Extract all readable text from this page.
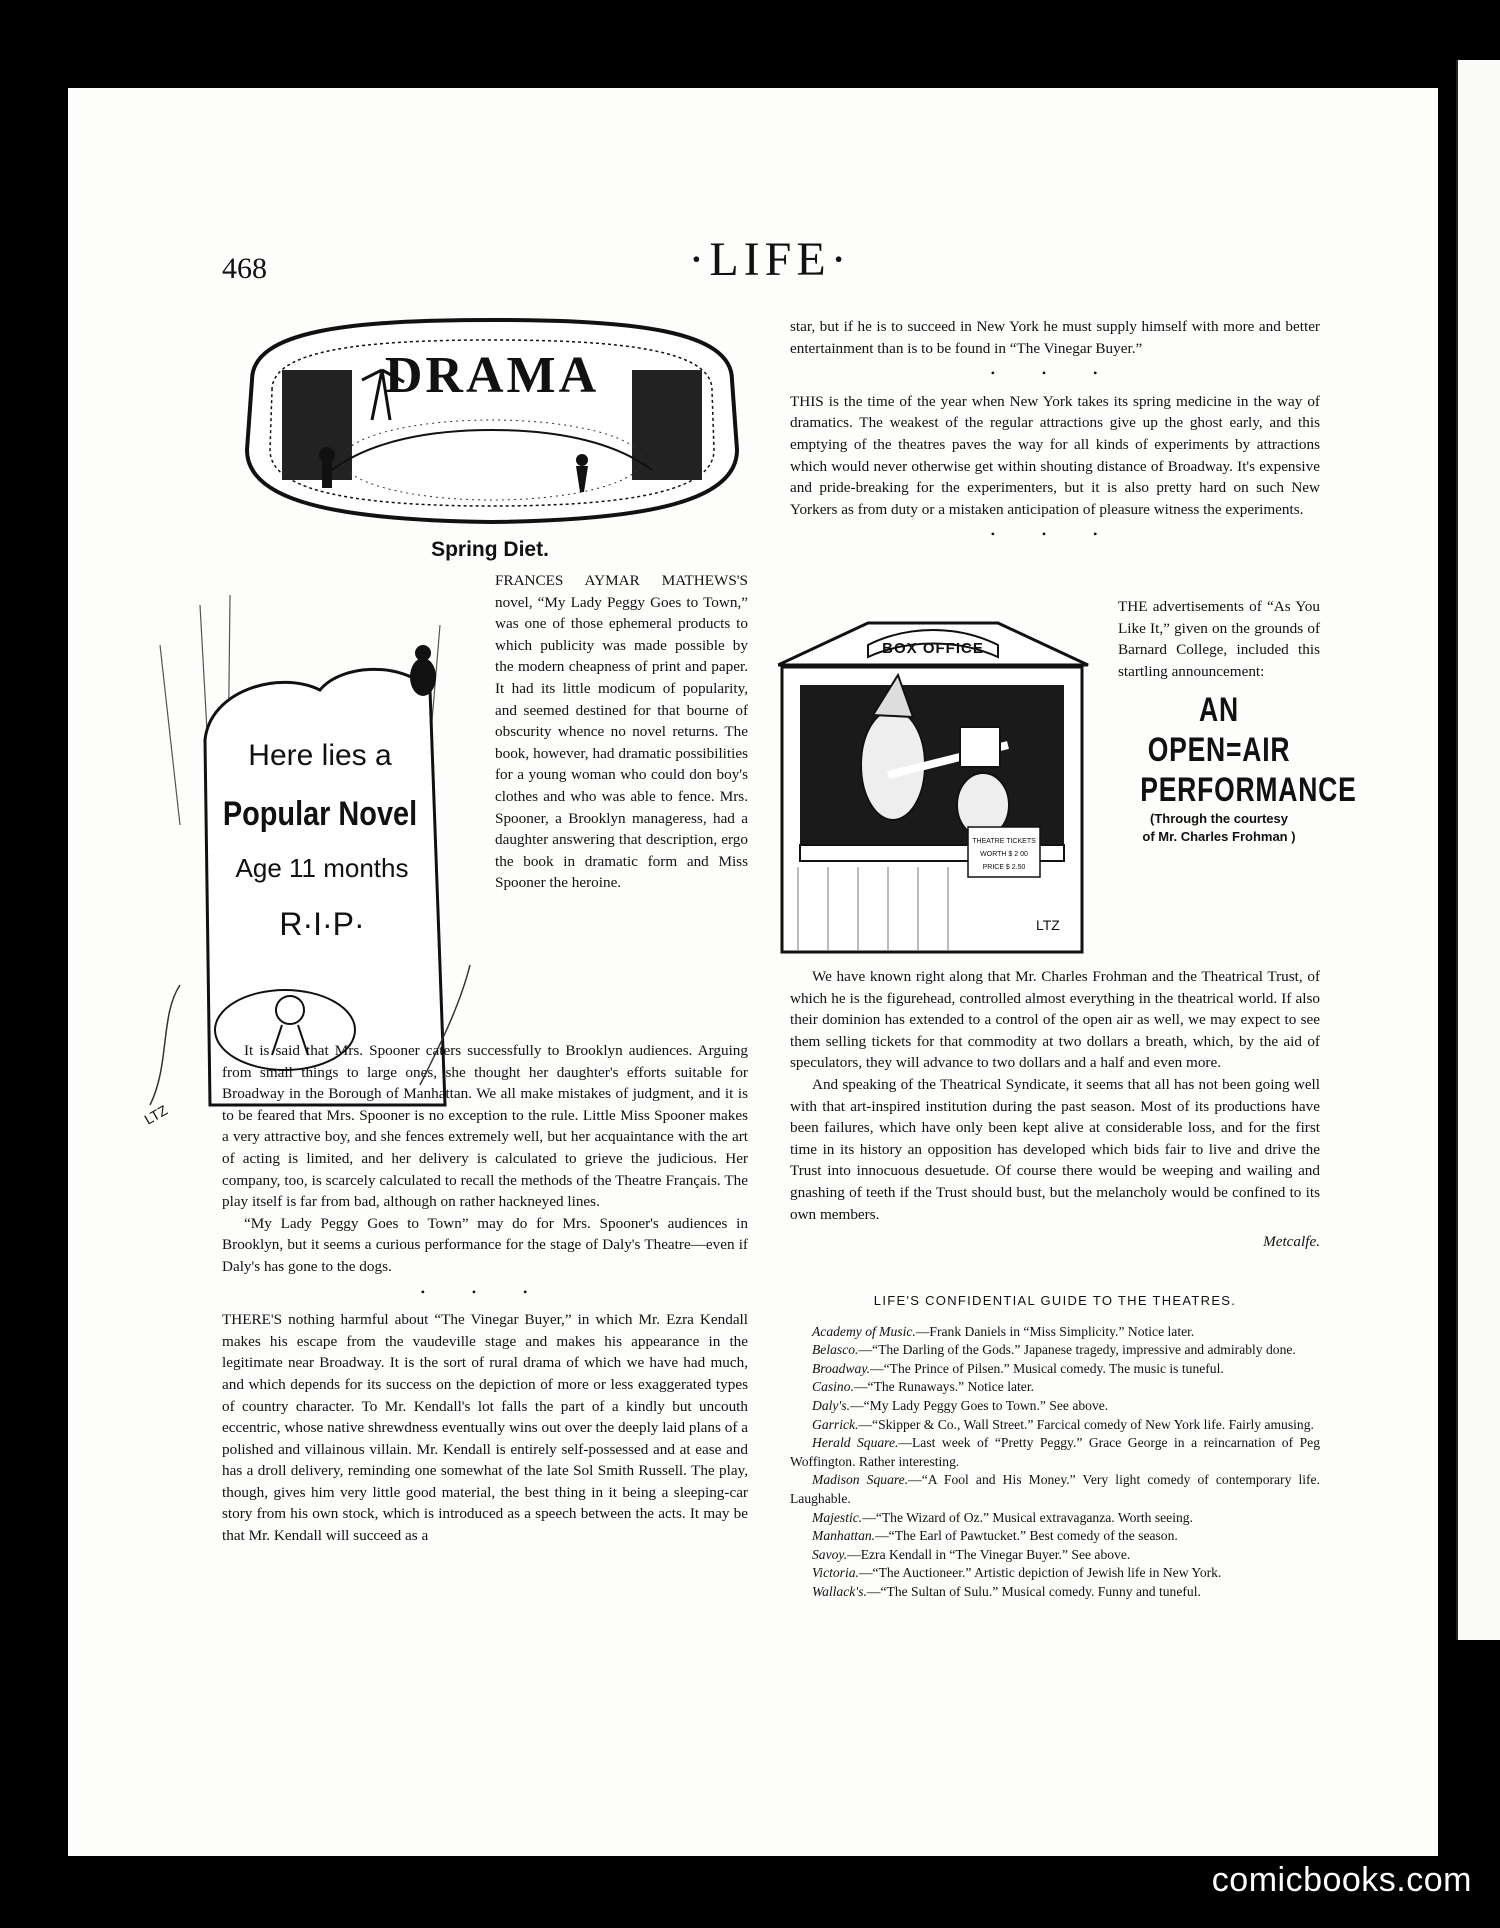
468	·LIFE·
DRAMA
Spring Diet.
Here lies a
Popular Novel
Age 11 months
R·I·P·
LTZ

FRANCES AYMAR MATHEWS'S novel, “My Lady Peggy Goes to Town,” was one of those ephemeral products to which publicity was made possible by the modern cheapness of print and paper. It had its little modicum of popularity, and seemed destined for that bourne of obscurity whence no novel returns. The book, however, had dramatic possibilities for a young woman who could don boy's clothes and who was able to fence. Mrs. Spooner, a Brooklyn manageress, had a daughter answering that description, ergo the book in dramatic form and Miss Spooner the heroine.

It is said that Mrs. Spooner caters successfully to Brooklyn audiences. Arguing from small things to large ones, she thought her daughter's efforts suitable for Broadway in the Borough of Manhattan. We all make mistakes of judgment, and it is to be feared that Mrs. Spooner is no exception to the rule. Little Miss Spooner makes a very attractive boy, and she fences extremely well, but her acquaintance with the art of acting is limited, and her delivery is calculated to grieve the judicious. Her company, too, is scarcely calculated to recall the methods of the Theatre Français. The play itself is far from bad, although on rather hackneyed lines.

“My Lady Peggy Goes to Town” may do for Mrs. Spooner's audiences in Brooklyn, but it seems a curious performance for the stage of Daly's Theatre—even if Daly's has gone to the dogs.

• • •

THERE'S nothing harmful about “The Vinegar Buyer,” in which Mr. Ezra Kendall makes his escape from the vaudeville stage and makes his appearance in the legitimate near Broadway. It is the sort of rural drama of which we have had much, and which depends for its success on the depiction of more or less exaggerated types of country character. To Mr. Kendall's lot falls the part of a kindly but uncouth eccentric, whose native shrewdness eventually wins out over the deeply laid plans of a polished and villainous villain. Mr. Kendall is entirely self-possessed and at ease and has a droll delivery, reminding one somewhat of the late Sol Smith Russell. The play, though, gives him very little good material, the best thing in it being a sleeping-car story from his own stock, which is introduced as a speech between the acts. It may be that Mr. Kendall will succeed as a

star, but if he is to succeed in New York he must supply himself with more and better entertainment than is to be found in “The Vinegar Buyer.”

• • •

THIS is the time of the year when New York takes its spring medicine in the way of dramatics. The weakest of the regular attractions give up the ghost early, and this emptying of the theatres paves the way for all kinds of experiments by attractions which would never otherwise get within shouting distance of Broadway. It's expensive and pride-breaking for the experimenters, but it is also pretty hard on such New Yorkers as from duty or a mistaken anticipation of pleasure witness the experiments.

• • •
BOX OFFICE
THEATRE TICKETS
WORTH $ 2 00
PRICE $ 2.50
LTZ

THE advertisements of “As You Like It,” given on the grounds of Barnard College, included this startling announcement:

AN OPEN=AIR
PERFORMANCE
(Through the courtesy
of Mr. Charles Frohman )

We have known right along that Mr. Charles Frohman and the Theatrical Trust, of which he is the figurehead, controlled almost everything in the theatrical world. If also their dominion has extended to a control of the open air as well, we may expect to see them selling tickets for that commodity at two dollars a breath, which, by the aid of speculators, they will advance to two dollars and a half and even more.

And speaking of the Theatrical Syndicate, it seems that all has not been going well with that art-inspired institution during the past season. Most of its productions have been failures, which have only been kept alive at considerable loss, and for the first time in its history an opposition has developed which bids fair to live and drive the Trust into innocuous desuetude. Of course there would be weeping and wailing and gnashing of teeth if the Trust should bust, but the melancholy would be confined to its own members.

Metcalfe.
LIFE'S CONFIDENTIAL GUIDE TO THE THEATRES.

Academy of Music.—Frank Daniels in “Miss Simplicity.” Notice later.

Belasco.—“The Darling of the Gods.” Japanese tragedy, impressive and admirably done.

Broadway.—“The Prince of Pilsen.” Musical comedy. The music is tuneful.

Casino.—“The Runaways.” Notice later.

Daly's.—“My Lady Peggy Goes to Town.” See above.

Garrick.—“Skipper & Co., Wall Street.” Farcical comedy of New York life. Fairly amusing.

Herald Square.—Last week of “Pretty Peggy.” Grace George in a reincarnation of Peg Woffington. Rather interesting.

Madison Square.—“A Fool and His Money.” Very light comedy of contemporary life. Laughable.

Majestic.—“The Wizard of Oz.” Musical extravaganza. Worth seeing.

Manhattan.—“The Earl of Pawtucket.” Best comedy of the season.

Savoy.—Ezra Kendall in “The Vinegar Buyer.” See above.

Victoria.—“The Auctioneer.” Artistic depiction of Jewish life in New York.

Wallack's.—“The Sultan of Sulu.” Musical comedy. Funny and tuneful.

comicbooks.com
